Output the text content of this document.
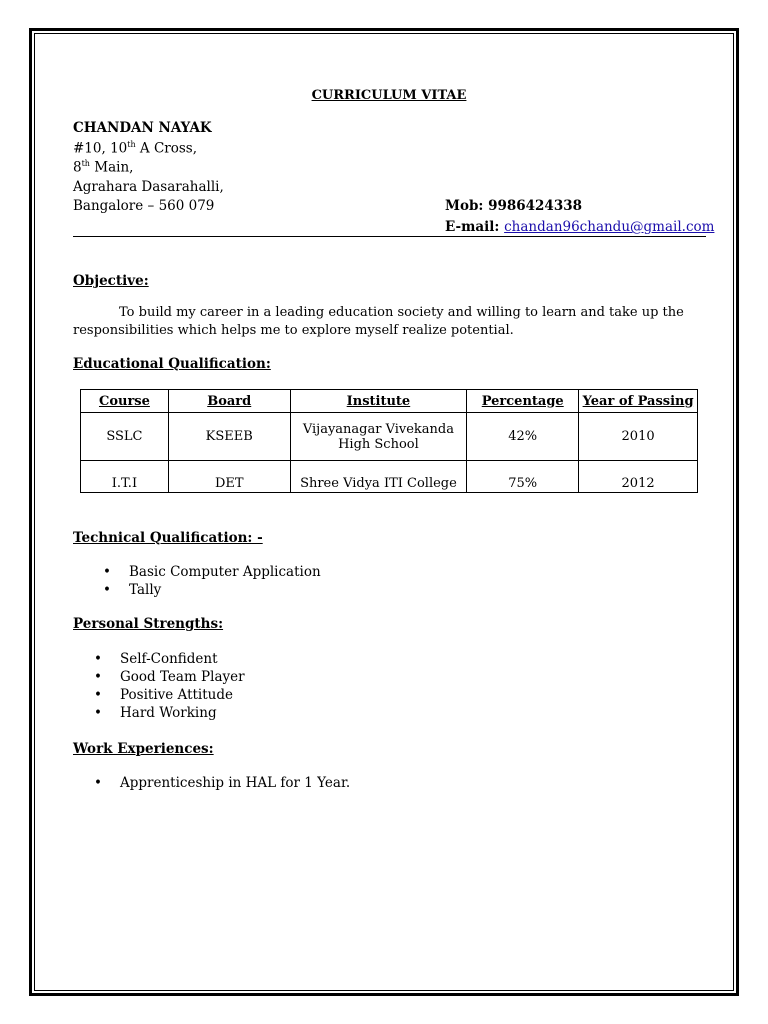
CURRICULUM VITAE
CHANDAN NAYAK
#10, 10th A Cross,
8th Main,
Agrahara Dasarahalli,
Bangalore – 560 079	Mob: 9986424338
E-mail: chandan96chandu@gmail.com
Objective:
To build my career in a leading education society and willing to learn and take up the responsibilities which helps me to explore myself realize potential.
Educational Qualification:
Course	Board	Institute	Percentage	Year of Passing
SSLC	KSEEB	Vijayanagar Vivekanda High School	42%	2010
I.T.I	DET	Shree Vidya ITI College	75%	2012
Technical Qualification: -
• Basic Computer Application
• Tally
Personal Strengths:
• Self-Confident
• Good Team Player
• Positive Attitude
• Hard Working
Work Experiences:
• Apprenticeship in HAL for 1 Year.
